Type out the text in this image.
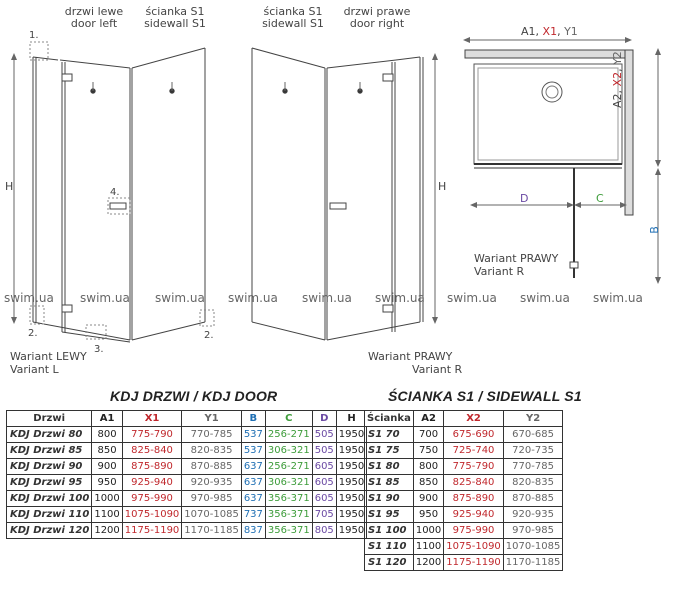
drzwi lewe
door left
ścianka S1
sidewall S1
H
1.
2.	2.
3.
4.
Wariant LEWY
Variant L
ścianka S1
sidewall S1
drzwi prawe
door right
H
Wariant PRAWY
Variant R
A1, X1, Y1
A2, X2, Y2
B
C
D
Wariant PRAWY
Variant R
swim.ua swim.ua swim.ua swim.ua swim.ua swim.ua swim.ua swim.ua swim.ua
KDJ DRZWI / KDJ DOOR	ŚCIANKA S1 / SIDEWALL S1
Drzwi	A1	X1	Y1	B	C	D	H
KDJ Drzwi 80	800	775-790	770-785	537	256-271	505	1950
KDJ Drzwi 85	850	825-840	820-835	537	306-321	505	1950
KDJ Drzwi 90	900	875-890	870-885	637	256-271	605	1950
KDJ Drzwi 95	950	925-940	920-935	637	306-321	605	1950
KDJ Drzwi 100	1000	975-990	970-985	637	356-371	605	1950
KDJ Drzwi 110	1100	1075-1090	1070-1085	737	356-371	705	1950
KDJ Drzwi 120	1200	1175-1190	1170-1185	837	356-371	805	1950
Ścianka	A2	X2	Y2
S1 70	700	675-690	670-685
S1 75	750	725-740	720-735
S1 80	800	775-790	770-785
S1 85	850	825-840	820-835
S1 90	900	875-890	870-885
S1 95	950	925-940	920-935
S1 100	1000	975-990	970-985
S1 110	1100	1075-1090	1070-1085
S1 120	1200	1175-1190	1170-1185
